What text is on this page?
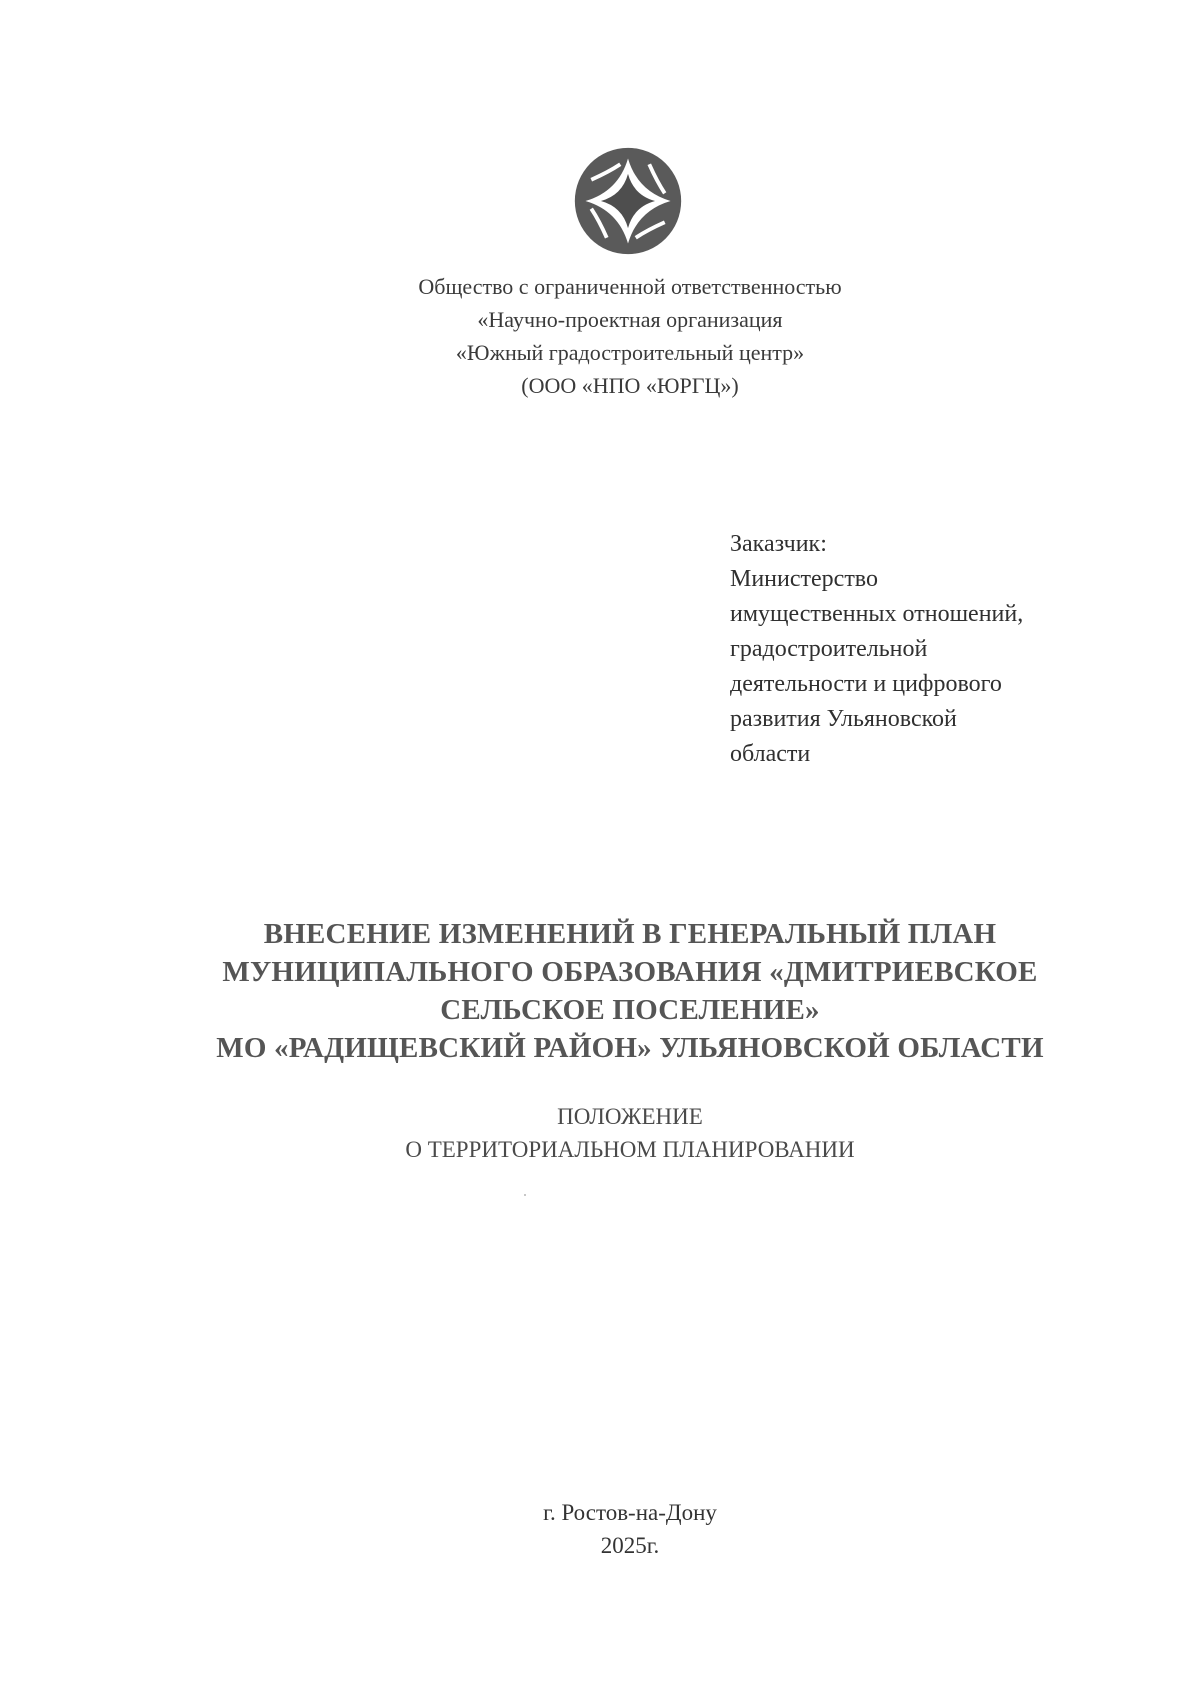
Общество с ограниченной ответственностью
«Научно-проектная организация
«Южный градостроительный центр»
(ООО «НПО «ЮРГЦ»)
Заказчик:
Министерство
имущественных отношений,
градостроительной
деятельности и цифрового
развития Ульяновской
области
ВНЕСЕНИЕ ИЗМЕНЕНИЙ В ГЕНЕРАЛЬНЫЙ ПЛАН
МУНИЦИПАЛЬНОГО ОБРАЗОВАНИЯ «ДМИТРИЕВСКОЕ
СЕЛЬСКОЕ ПОСЕЛЕНИЕ»
МО «РАДИЩЕВСКИЙ РАЙОН» УЛЬЯНОВСКОЙ ОБЛАСТИ
ПОЛОЖЕНИЕ
О ТЕРРИТОРИАЛЬНОМ ПЛАНИРОВАНИИ
г. Ростов-на-Дону
2025г.
